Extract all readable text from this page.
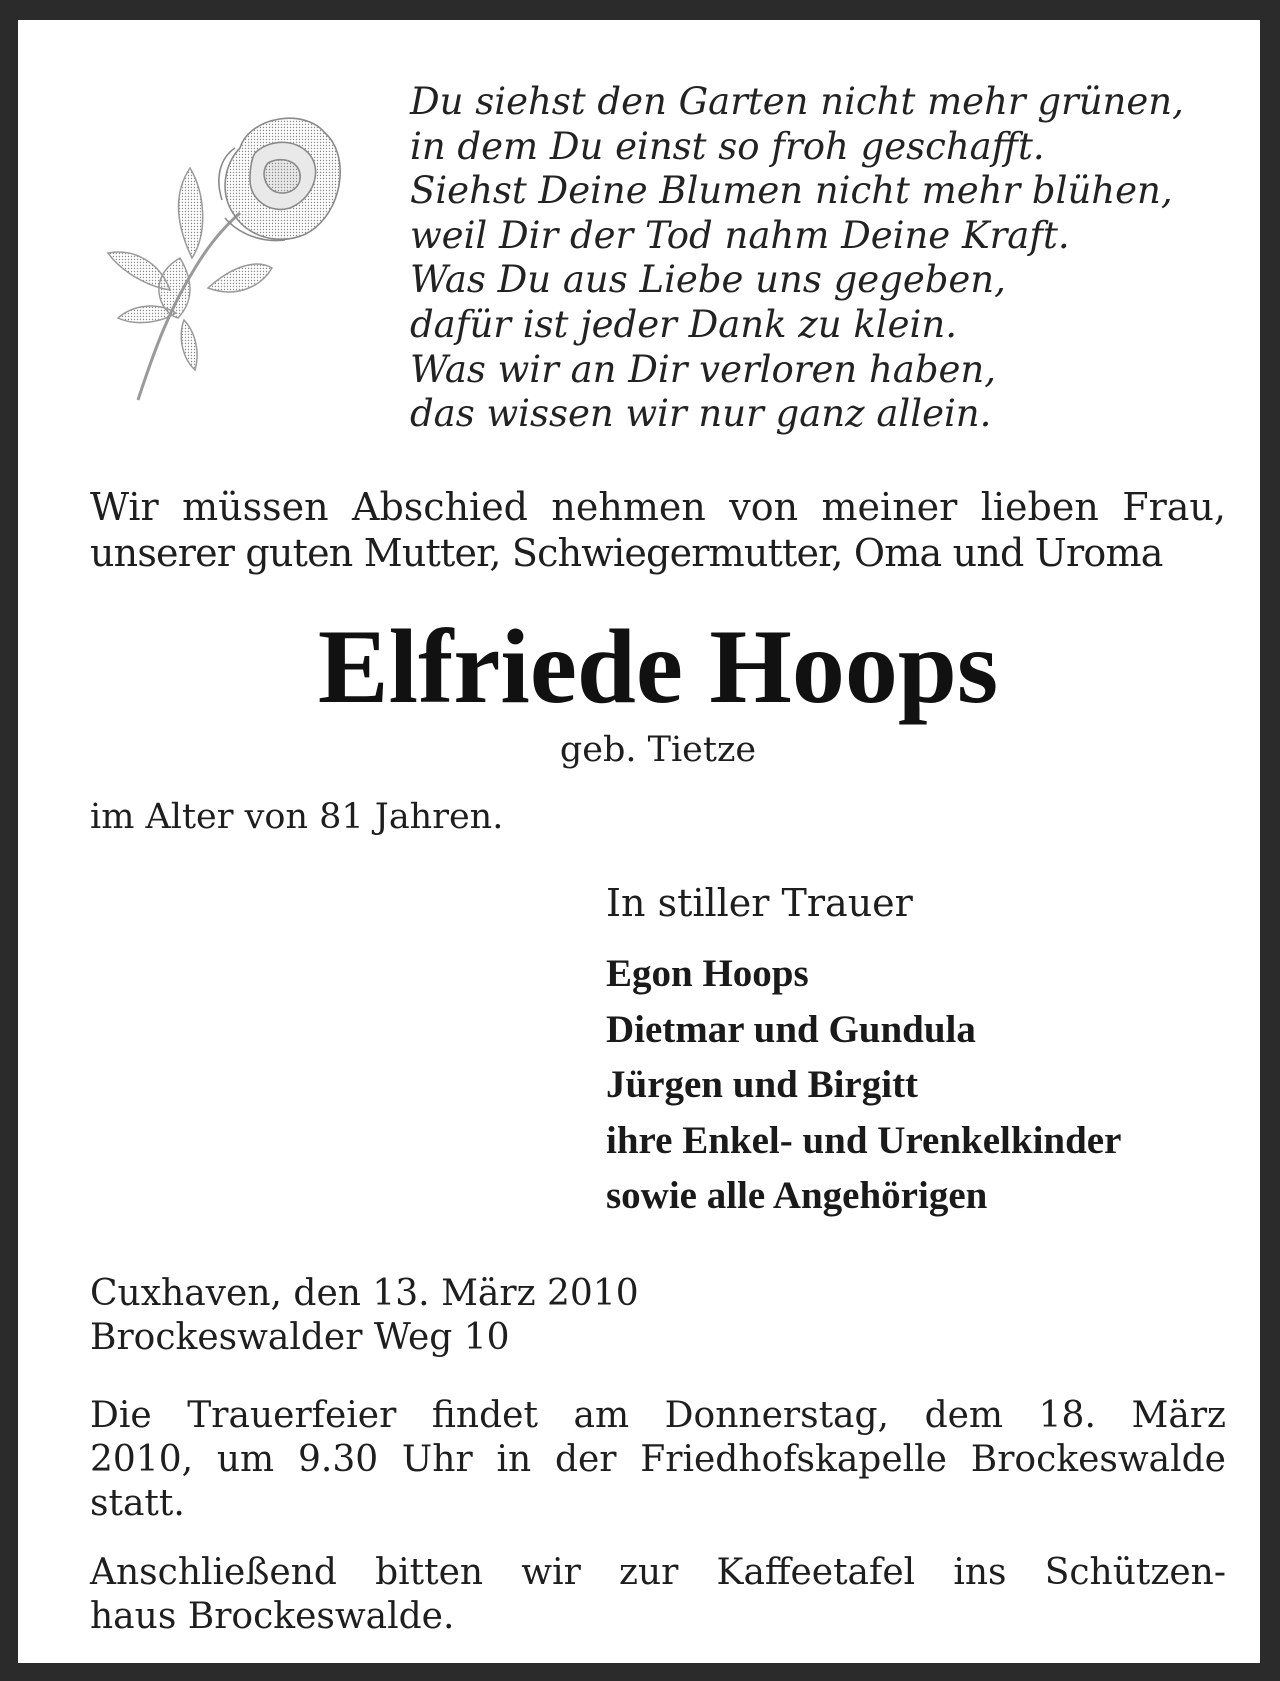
Du siehst den Garten nicht mehr grünen,
in dem Du einst so froh geschafft.
Siehst Deine Blumen nicht mehr blühen,
weil Dir der Tod nahm Deine Kraft.
Was Du aus Liebe uns gegeben,
dafür ist jeder Dank zu klein.
Was wir an Dir verloren haben,
das wissen wir nur ganz allein.
Wir müssen Abschied nehmen von meiner lieben Frau,
unserer guten Mutter, Schwiegermutter, Oma und Uroma
Elfriede Hoops
geb. Tietze
im Alter von 81 Jahren.
In stiller Trauer
Egon Hoops
Dietmar und Gundula
Jürgen und Birgitt
ihre Enkel- und Urenkelkinder
sowie alle Angehörigen
Cuxhaven, den 13. März 2010
Brockeswalder Weg 10
Die Trauerfeier findet am Donnerstag, dem 18. März
2010, um 9.30 Uhr in der Friedhofskapelle Brockeswalde
statt.
Anschließend bitten wir zur Kaffeetafel ins Schützen-
haus Brockeswalde.
